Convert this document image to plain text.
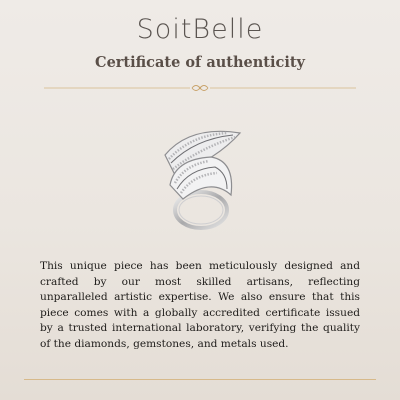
SoitBelle
Certificate of authenticity
This unique piece has been meticulously designed and crafted by our most skilled artisans, reflecting unparalleled artistic expertise. We also ensure that this piece comes with a globally accredited certificate issued by a trusted international laboratory, verifying the quality of the diamonds, gemstones, and metals used.
